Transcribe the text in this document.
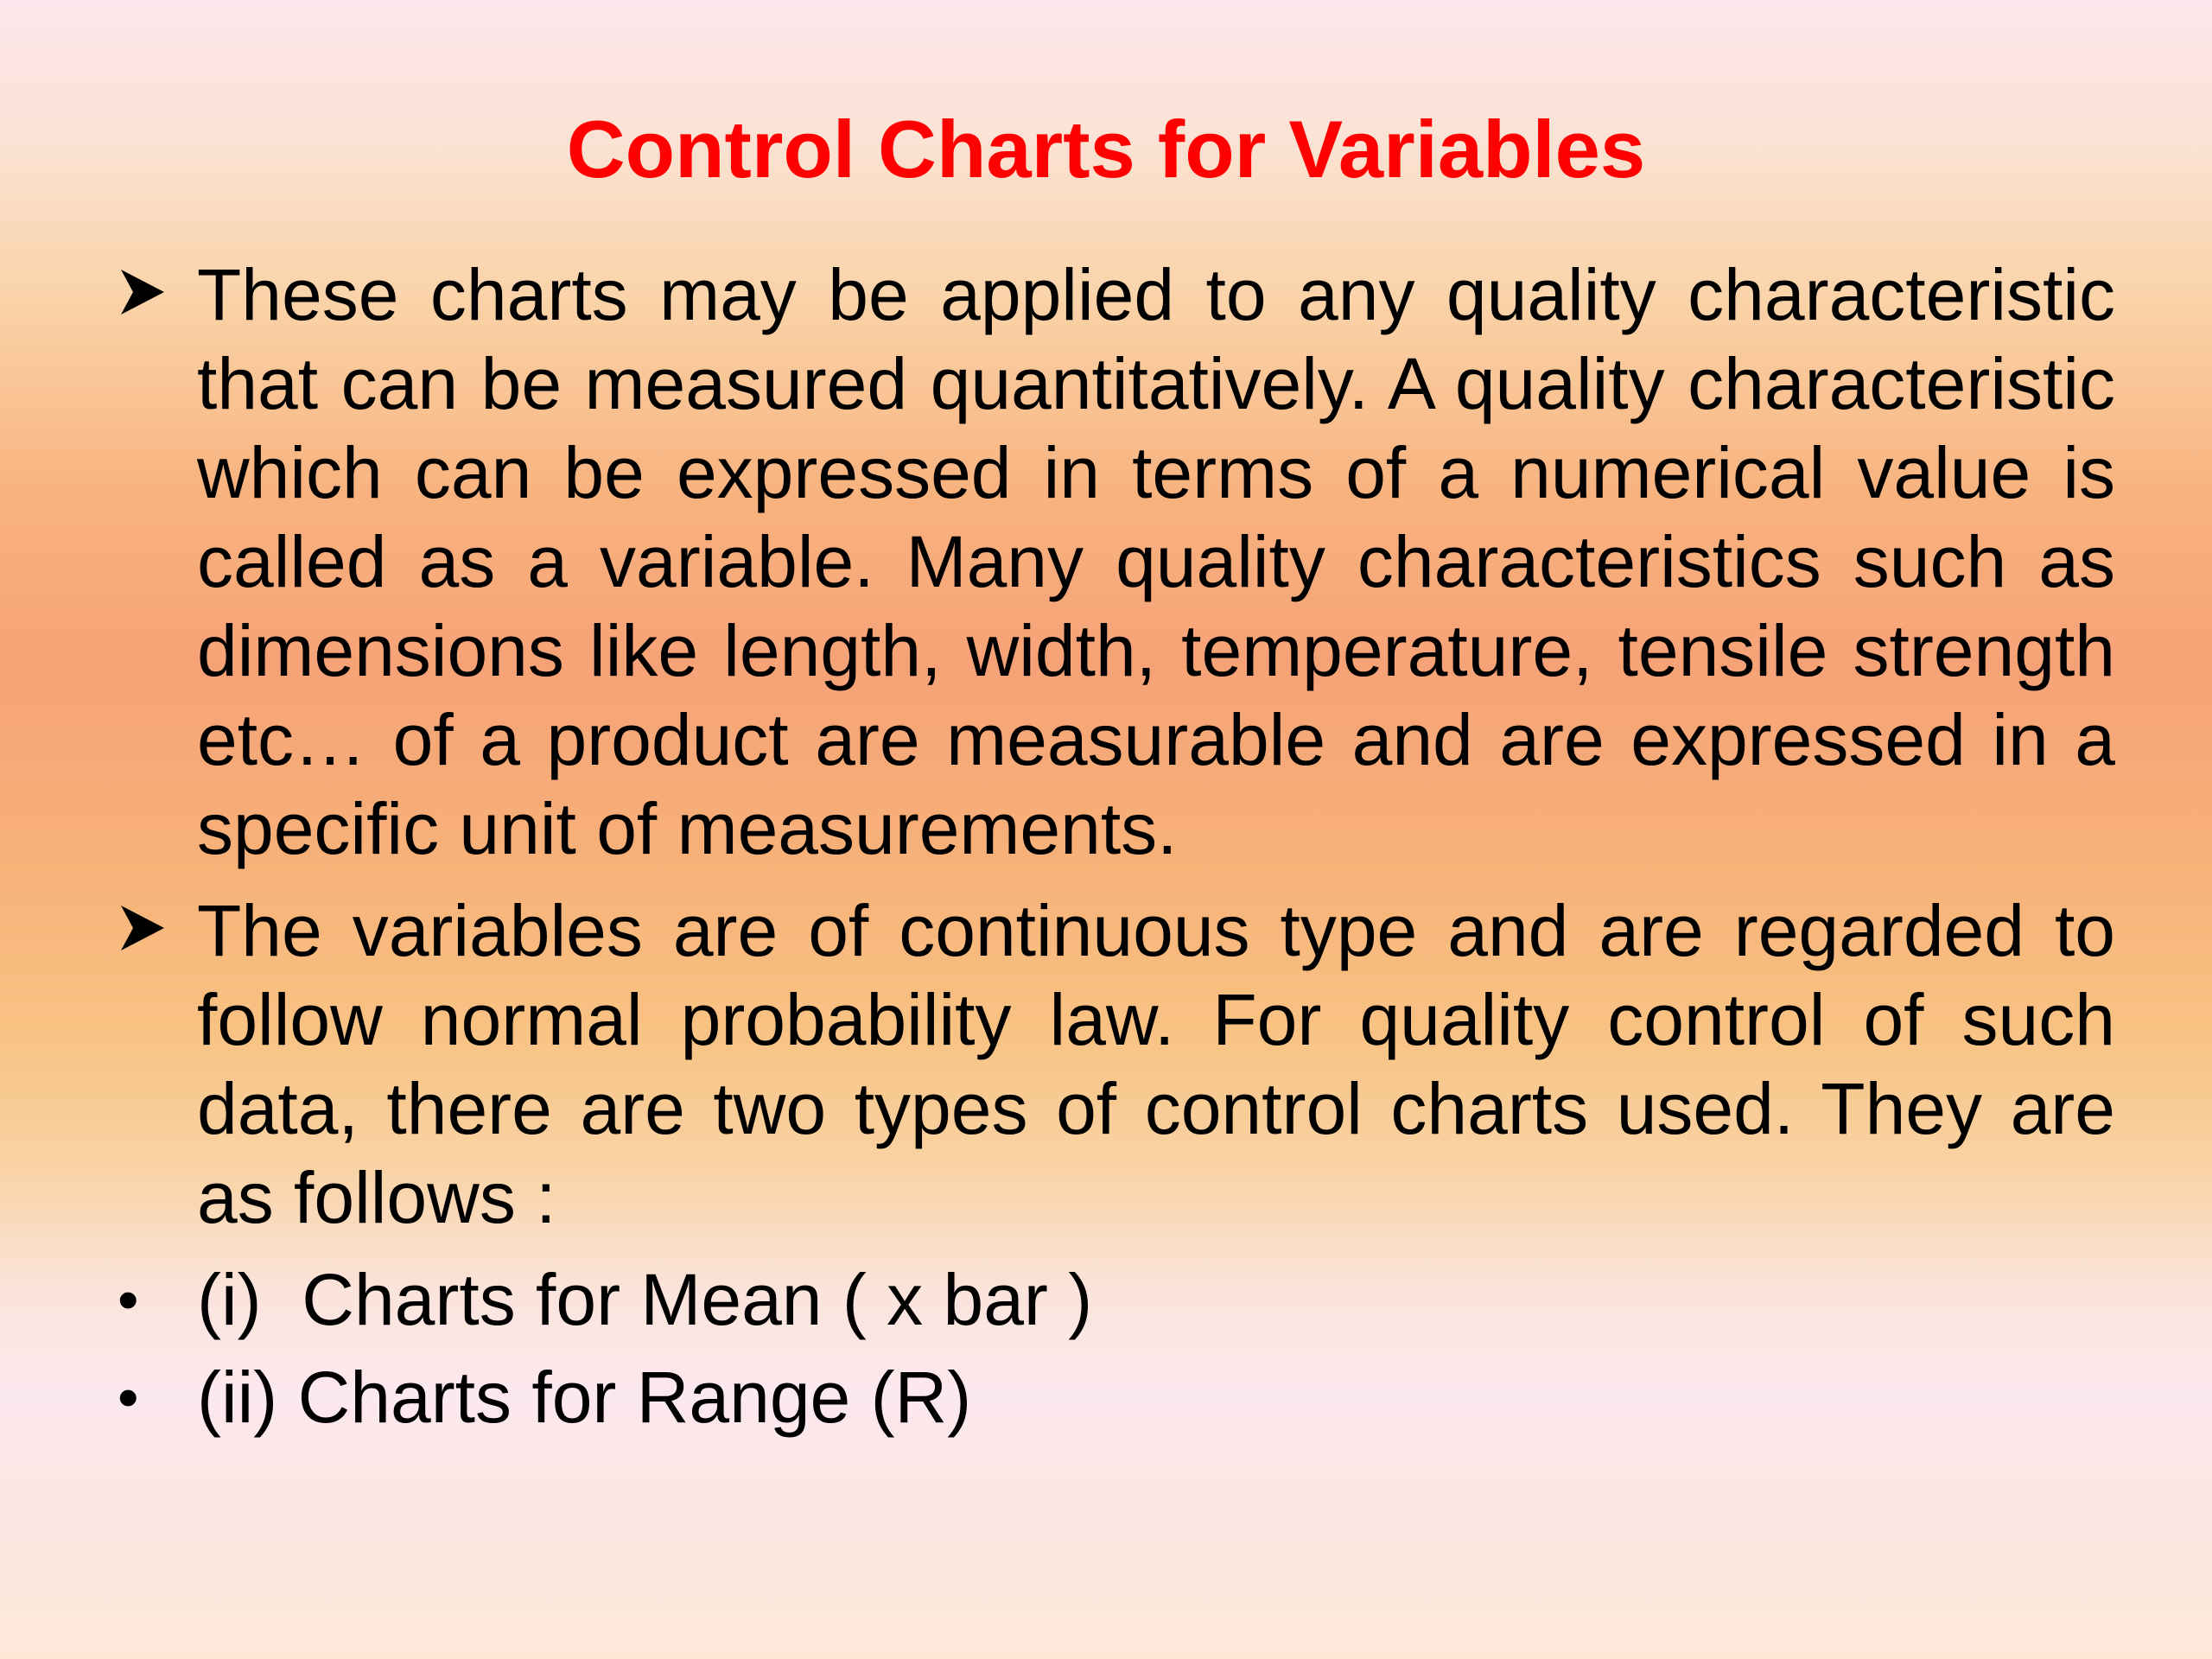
Control Charts for Variables
These charts may be applied to any quality characteristic that can be measured quantitatively. A quality characteristic which can be expressed in terms of a numerical value is called as a variable. Many quality characteristics such as dimensions like length, width, temperature, tensile strength etc… of a product are measurable and are expressed in a specific unit of measurements.
The variables are of continuous type and are regarded to follow normal probability law. For quality control of such data, there are two types of control charts used. They are as follows :
• (i)  Charts for Mean ( x bar )
• (ii) Charts for Range (R)
